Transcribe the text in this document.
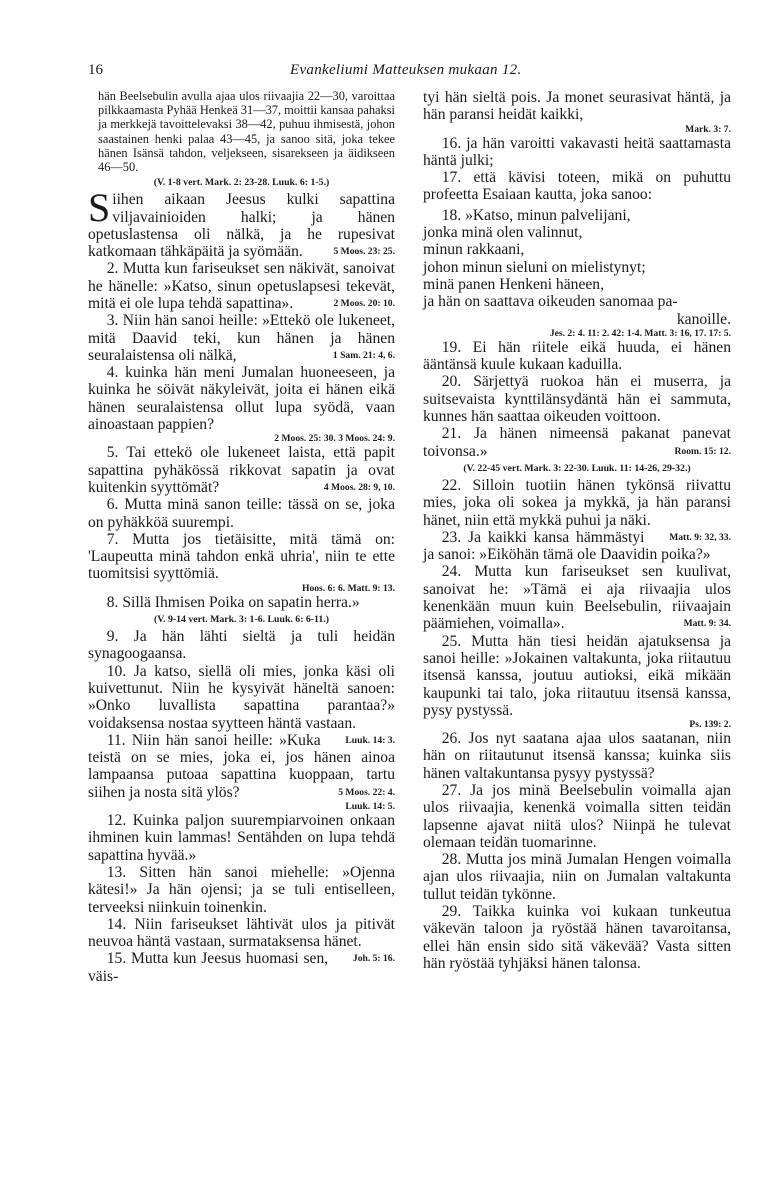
16	Evankeliumi Matteuksen mukaan 12.

hän Beelsebulin avulla ajaa ulos riivaajia 22—30, varoittaa pilkkaamasta Pyhää Henkeä 31—37, moittii kansaa pahaksi ja merkkejä tavoittelevaksi 38—42, puhuu ihmisestä, johon saastainen henki palaa 43—45, ja sanoo sitä, joka tekee hänen Isänsä tahdon, veljekseen, sisarekseen ja äidikseen 46—50.

(V. 1-8 vert. Mark. 2: 23-28. Luuk. 6: 1-5.)

Siihen aikaan Jeesus kulki sapattina viljavainioiden halki; ja hänen opetuslastensa oli nälkä, ja he rupesivat katkomaan tähkäpäitä ja syömään.	5 Moos. 23: 25.

2. Mutta kun fariseukset sen näkivät, sanoivat he hänelle: »Katso, sinun opetuslapsesi tekevät, mitä ei ole lupa tehdä sapattina».	2 Moos. 20: 10.

3. Niin hän sanoi heille: »Ettekö ole lukeneet, mitä Daavid teki, kun hänen ja hänen seuralaistensa oli nälkä,	1 Sam. 21: 4, 6.

4. kuinka hän meni Jumalan huoneeseen, ja kuinka he söivät näkyleivät, joita ei hänen eikä hänen seuralaistensa ollut lupa syödä, vaan ainoastaan pappien?

2 Moos. 25: 30. 3 Moos. 24: 9.

5. Tai ettekö ole lukeneet laista, että papit sapattina pyhäkössä rikkovat sapatin ja ovat kuitenkin syyttömät?	4 Moos. 28: 9, 10.

6. Mutta minä sanon teille: tässä on se, joka on pyhäkköä suurempi.

7. Mutta jos tietäisitte, mitä tämä on: 'Laupeutta minä tahdon enkä uhria', niin te ette tuomitsisi syyttömiä.

Hoos. 6: 6. Matt. 9: 13.

8. Sillä Ihmisen Poika on sapatin herra.»

(V. 9-14 vert. Mark. 3: 1-6. Luuk. 6: 6-11.)

9. Ja hän lähti sieltä ja tuli heidän synagoogaansa.

10. Ja katso, siellä oli mies, jonka käsi oli kuivettunut. Niin he kysyivät häneltä sanoen: »Onko luvallista sapattina parantaa?» voidaksensa nostaa syytteen häntä vastaan.
Luuk. 14: 3.

11. Niin hän sanoi heille: »Kuka teistä on se mies, joka ei, jos hänen ainoa lampaansa putoaa sapattina kuoppaan, tartu siihen ja nosta sitä ylös?	5 Moos. 22: 4.

Luuk. 14: 5.

12. Kuinka paljon suurempiarvoinen onkaan ihminen kuin lammas! Sentähden on lupa tehdä sapattina hyvää.»

13. Sitten hän sanoi miehelle: »Ojenna kätesi!» Ja hän ojensi; ja se tuli entiselleen, terveeksi niinkuin toinenkin.

14. Niin fariseukset lähtivät ulos ja pitivät neuvoa häntä vastaan, surmataksensa hänet.
Joh. 5: 16.

15. Mutta kun Jeesus huomasi sen, väis-

tyi hän sieltä pois. Ja monet seurasivat häntä, ja hän paransi heidät kaikki,

Mark. 3: 7.

16. ja hän varoitti vakavasti heitä saattamasta häntä julki;

17. että kävisi toteen, mikä on puhuttu profeetta Esaiaan kautta, joka sanoo:

18. »Katso, minun palvelijani,

jonka minä olen valinnut,

minun rakkaani,

johon minun sieluni on mielistynyt;

minä panen Henkeni häneen,

ja hän on saattava oikeuden sanomaa pa-

kanoille.

Jes. 2: 4. 11: 2. 42: 1-4. Matt. 3: 16, 17. 17: 5.

19. Ei hän riitele eikä huuda, ei hänen ääntänsä kuule kukaan kaduilla.

20. Särjettyä ruokoa hän ei muserra, ja suitsevaista kynttilänsydäntä hän ei sammuta, kunnes hän saattaa oikeuden voittoon.

21. Ja hänen nimeensä pakanat panevat toivonsa.»	Room. 15: 12.

(V. 22-45 vert. Mark. 3: 22-30. Luuk. 11: 14-26, 29-32.)

22. Silloin tuotiin hänen tykönsä riivattu mies, joka oli sokea ja mykkä, ja hän paransi hänet, niin että mykkä puhui ja näki.
Matt. 9: 32, 33.

23. Ja kaikki kansa hämmästyi ja sanoi: »Eiköhän tämä ole Daavidin poika?»

24. Mutta kun fariseukset sen kuulivat, sanoivat he: »Tämä ei aja riivaajia ulos kenenkään muun kuin Beelsebulin, riivaajain päämiehen, voimalla».	Matt. 9: 34.

25. Mutta hän tiesi heidän ajatuksensa ja sanoi heille: »Jokainen valtakunta, joka riitautuu itsensä kanssa, joutuu autioksi, eikä mikään kaupunki tai talo, joka riitautuu itsensä kanssa, pysy pystyssä.

Ps. 139: 2.

26. Jos nyt saatana ajaa ulos saatanan, niin hän on riitautunut itsensä kanssa; kuinka siis hänen valtakuntansa pysyy pystyssä?

27. Ja jos minä Beelsebulin voimalla ajan ulos riivaajia, kenenkä voimalla sitten teidän lapsenne ajavat niitä ulos? Niinpä he tulevat olemaan teidän tuomarinne.

28. Mutta jos minä Jumalan Hengen voimalla ajan ulos riivaajia, niin on Jumalan valtakunta tullut teidän tykönne.

29. Taikka kuinka voi kukaan tunkeutua väkevän taloon ja ryöstää hänen tavaroitansa, ellei hän ensin sido sitä väkevää? Vasta sitten hän ryöstää tyhjäksi hänen talonsa.
